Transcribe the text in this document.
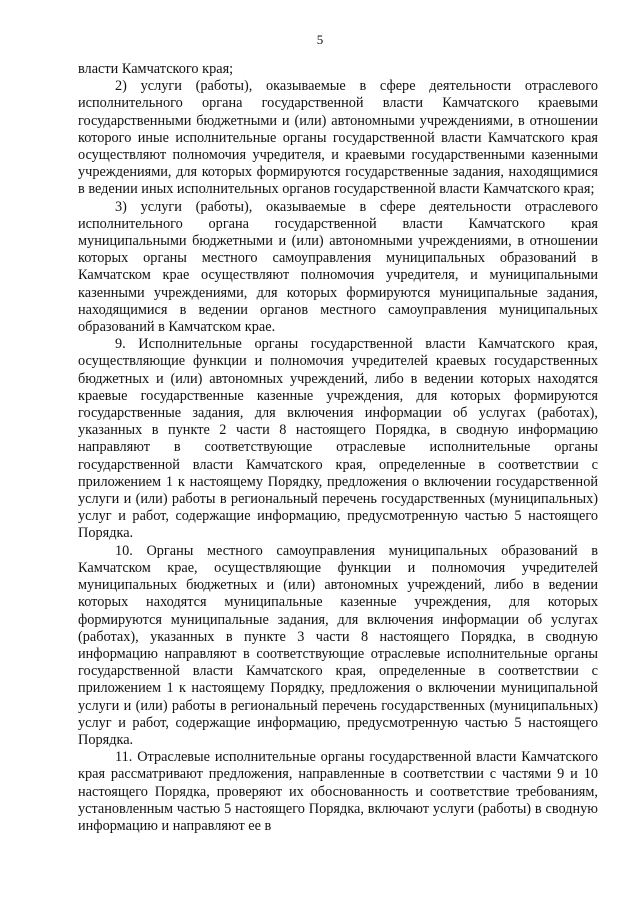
5

власти Камчатского края;

2) услуги (работы), оказываемые в сфере деятельности отраслевого исполнительного органа государственной власти Камчатского краевыми государственными бюджетными и (или) автономными учреждениями, в отношении которого иные исполнительные органы государственной власти Камчатского края осуществляют полномочия учредителя, и краевыми государственными казенными учреждениями, для которых формируются государственные задания, находящимися в ведении иных исполнительных органов государственной власти Камчатского края;

3) услуги (работы), оказываемые в сфере деятельности отраслевого исполнительного органа государственной власти Камчатского края муниципальными бюджетными и (или) автономными учреждениями, в отношении которых органы местного самоуправления муниципальных образований в Камчатском крае осуществляют полномочия учредителя, и муниципальными казенными учреждениями, для которых формируются муниципальные задания, находящимися в ведении органов местного самоуправления муниципальных образований в Камчатском крае.

9. Исполнительные органы государственной власти Камчатского края, осуществляющие функции и полномочия учредителей краевых государственных бюджетных и (или) автономных учреждений, либо в ведении которых находятся краевые государственные казенные учреждения, для которых формируются государственные задания, для включения информации об услугах (работах), указанных в пункте 2 части 8 настоящего Порядка, в сводную информацию направляют в соответствующие отраслевые исполнительные органы государственной власти Камчатского края, определенные в соответствии с приложением 1 к настоящему Порядку, предложения о включении государственной услуги и (или) работы в региональный перечень государственных (муниципальных) услуг и работ, содержащие информацию, предусмотренную частью 5 настоящего Порядка.

10. Органы местного самоуправления муниципальных образований в Камчатском крае, осуществляющие функции и полномочия учредителей муниципальных бюджетных и (или) автономных учреждений, либо в ведении которых находятся муниципальные казенные учреждения, для которых формируются муниципальные задания, для включения информации об услугах (работах), указанных в пункте 3 части 8 настоящего Порядка, в сводную информацию направляют в соответствующие отраслевые исполнительные органы государственной власти Камчатского края, определенные в соответствии с приложением 1 к настоящему Порядку, предложения о включении муниципальной услуги и (или) работы в региональный перечень государственных (муниципальных) услуг и работ, содержащие информацию, предусмотренную частью 5 настоящего Порядка.

11. Отраслевые исполнительные органы государственной власти Камчатского края рассматривают предложения, направленные в соответствии с частями 9 и 10 настоящего Порядка, проверяют их обоснованность и соответствие требованиям, установленным частью 5 настоящего Порядка, включают услуги (работы) в сводную информацию и направляют ее в
